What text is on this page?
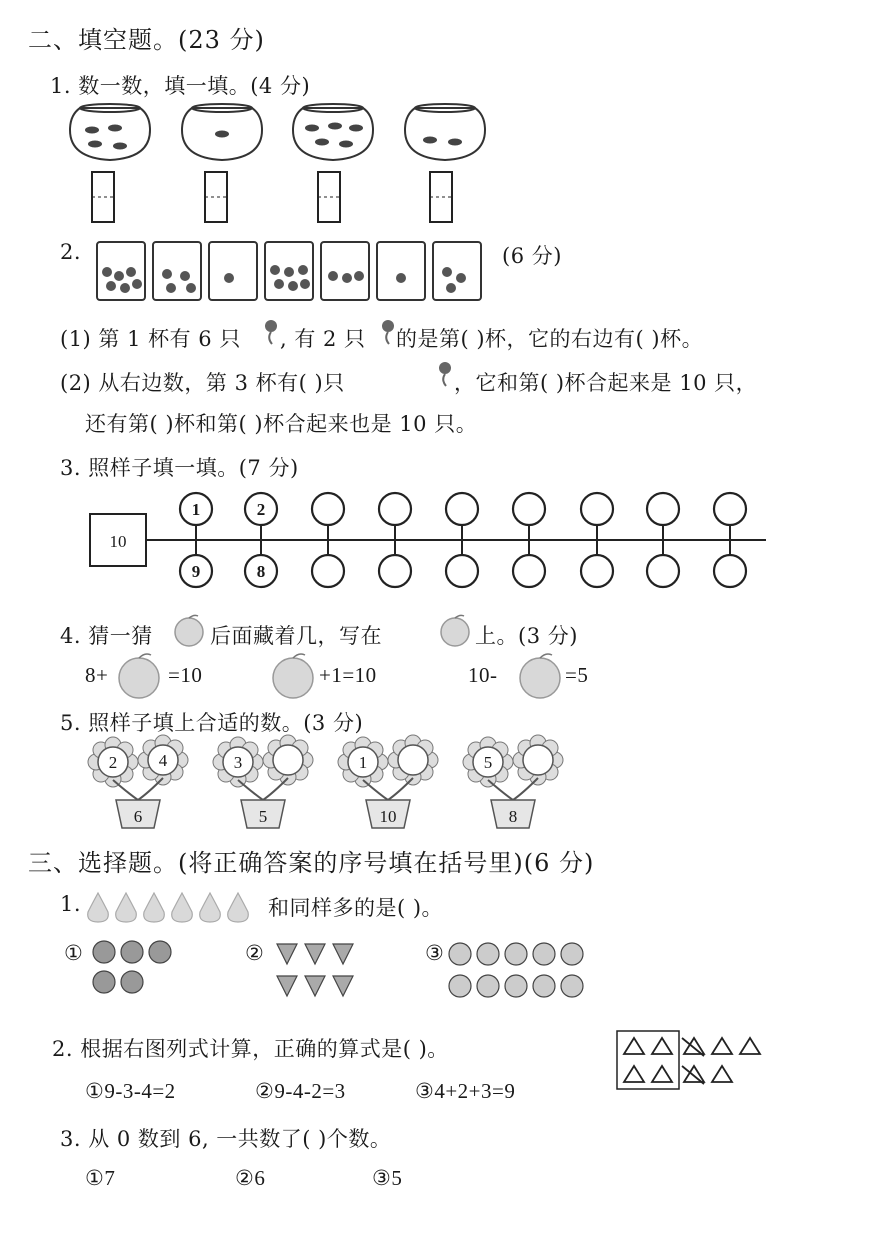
二、填空题。(23 分)
1. 数一数，填一填。(4 分)
2.	(6 分)
(1) 第 1 杯有 6 只 , 有 2 只 的是第( )杯，它的右边有( )杯。
(2) 从右边数，第 3 杯有( )只	，它和第( )杯合起来是 10 只，
还有第( )杯和第( )杯合起来也是 10 只。
3. 照样子填一填。(7 分)
10
1
9
2
8
4. 猜一猜	后面藏着几，写在	上。(3 分)
8+	=10	+1=10	10-	=5
5. 照样子填上合适的数。(3 分)
2 4
6
3
5
1
10
5
8
三、选择题。(将正确答案的序号填在括号里)(6 分)
1.	和同样多的是( )。
①	②	③
2. 根据右图列式计算，正确的算式是( )。
①9-3-4=2	②9-4-2=3	③4+2+3=9
3. 从 0 数到 6, 一共数了( )个数。
①7	②6	③5
